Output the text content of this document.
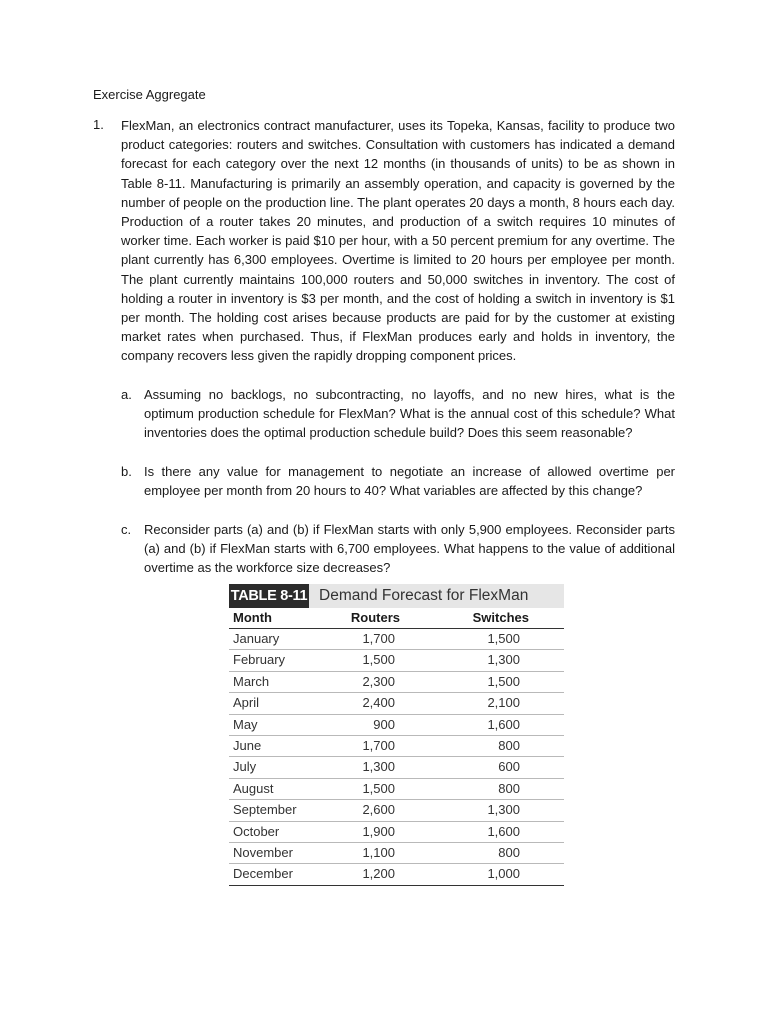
Exercise Aggregate
1. FlexMan, an electronics contract manufacturer, uses its Topeka, Kansas, facility to produce two product categories: routers and switches. Consultation with customers has indicated a demand forecast for each category over the next 12 months (in thousands of units) to be as shown in Table 8-11. Manufacturing is primarily an assembly operation, and capacity is governed by the number of people on the production line. The plant operates 20 days a month, 8 hours each day. Production of a router takes 20 minutes, and production of a switch requires 10 minutes of worker time. Each worker is paid $10 per hour, with a 50 percent premium for any overtime. The plant currently has 6,300 employees. Overtime is limited to 20 hours per employee per month. The plant currently maintains 100,000 routers and 50,000 switches in inventory. The cost of holding a router in inventory is $3 per month, and the cost of holding a switch in inventory is $1 per month. The holding cost arises because products are paid for by the customer at existing market rates when purchased. Thus, if FlexMan produces early and holds in inventory, the company recovers less given the rapidly dropping component prices.

a. Assuming no backlogs, no subcontracting, no layoffs, and no new hires, what is the optimum production schedule for FlexMan? What is the annual cost of this schedule? What inventories does the optimal production schedule build? Does this seem reasonable?
b. Is there any value for management to negotiate an increase of allowed overtime per employee per month from 20 hours to 40? What variables are affected by this change?
c. Reconsider parts (a) and (b) if FlexMan starts with only 5,900 employees. Reconsider parts (a) and (b) if FlexMan starts with 6,700 employees. What happens to the value of additional overtime as the workforce size decreases?
TABLE 8-11 Demand Forecast for FlexMan
Month	Routers	Switches
January	1,700	1,500
February	1,500	1,300
March	2,300	1,500
April	2,400	2,100
May	900	1,600
June	1,700	800
July	1,300	600
August	1,500	800
September	2,600	1,300
October	1,900	1,600
November	1,100	800
December	1,200	1,000
